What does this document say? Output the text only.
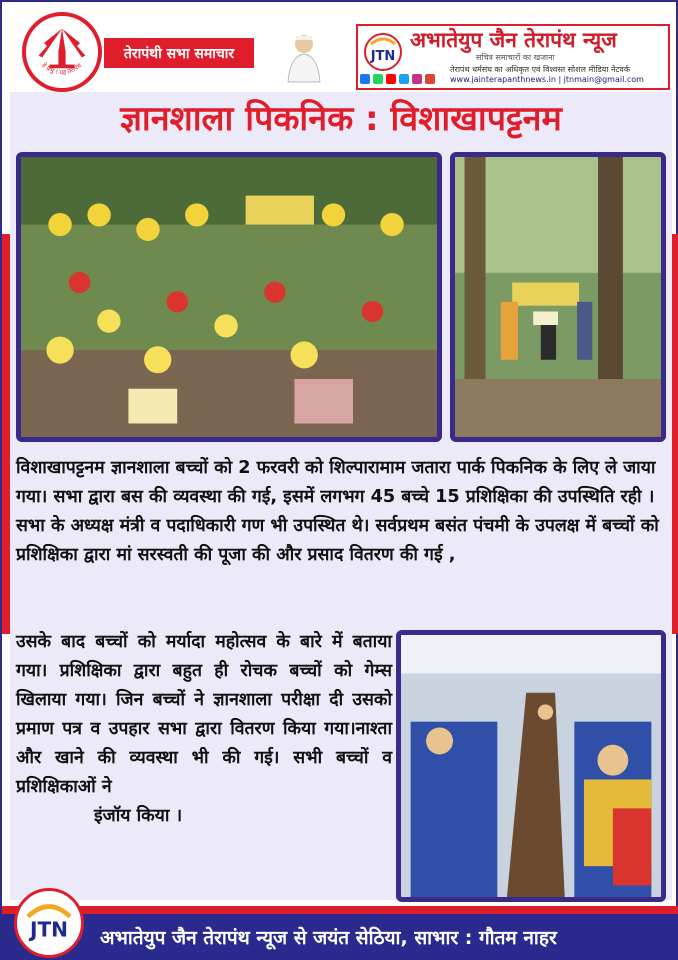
हे प्रभु ! यह तेरापंथ
तेरापंथी सभा समाचार	JTN
अभातेयुप जैन तेरापंथ न्यूज
सचित्र समाचारों का खजाना
तेरापंथ धर्मसंघ का अधिकृत एवं विश्वस्त सोशल मीडिया नेटवर्क
www.jainterapanthnews.in | jtnmain@gmail.com
ज्ञानशाला पिकनिक : विशाखापट्टनम

विशाखापट्टनम ज्ञानशाला बच्चों को 2 फरवरी को शिल्पारामाम जतारा पार्क पिकनिक के लिए ले जाया गया। सभा द्वारा बस की व्यवस्था की गई, इसमें लगभग 45 बच्चे 15 प्रशिक्षिका की उपस्थिति रही । सभा के अध्यक्ष मंत्री व पदाधिकारी गण भी उपस्थित थे। सर्वप्रथम बसंत पंचमी के उपलक्ष में बच्चों को प्रशिक्षिका द्वारा मां सरस्वती की पूजा की और प्रसाद वितरण की गई ,

उसके बाद बच्चों को मर्यादा महोत्सव के बारे में बताया गया। प्रशिक्षिका द्वारा बहुत ही रोचक बच्चों को गेम्स खिलाया गया। जिन बच्चों ने ज्ञानशाला परीक्षा दी उसको प्रमाण पत्र व उपहार सभा द्वारा वितरण किया गया।नाश्ता और खाने की व्यवस्था भी की गई। सभी बच्चों व प्रशिक्षिकाओं ने
इंजॉय किया ।

JTN अभातेयुप जैन तेरापंथ न्यूज से जयंत सेठिया, साभार : गौतम नाहर
